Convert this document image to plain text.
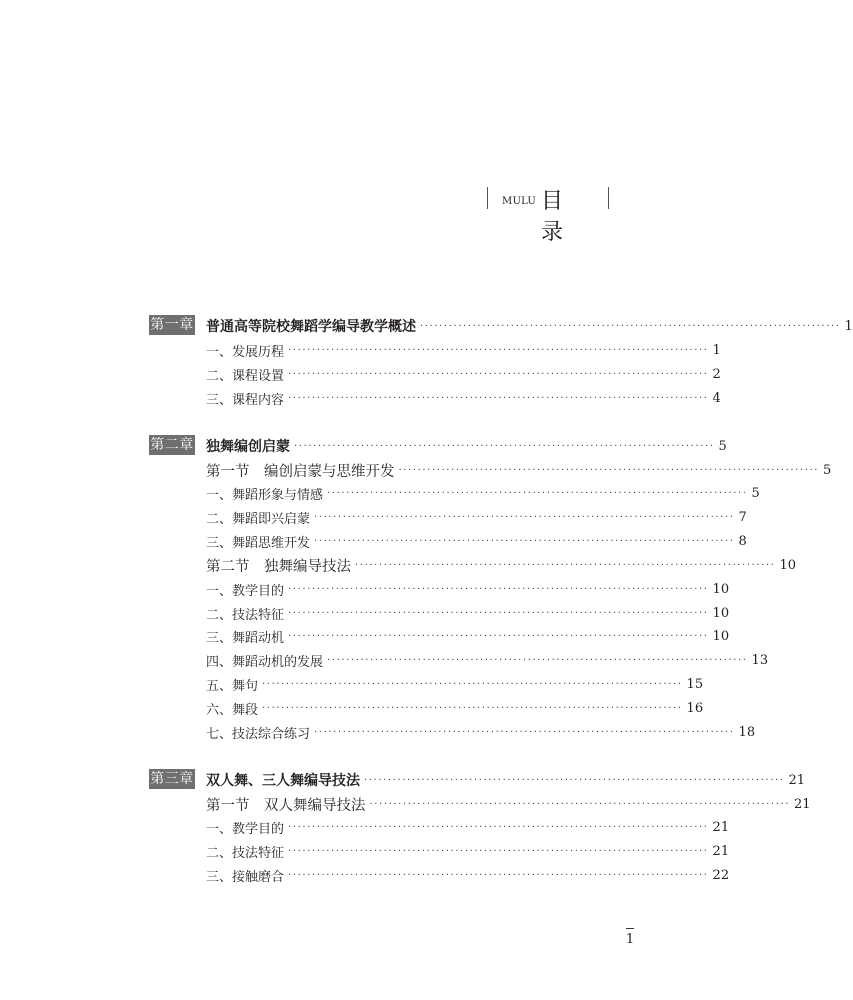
MULU 目录
第一章 普通高等院校舞蹈学编导教学概述 ························································································ 1
一、发展历程 ························································································ 1
二、课程设置 ························································································ 2
三、课程内容 ························································································ 4
第二章 独舞编创启蒙 ························································································ 5
第一节　编创启蒙与思维开发 ························································································ 5
一、舞蹈形象与情感 ························································································ 5
二、舞蹈即兴启蒙 ························································································ 7
三、舞蹈思维开发 ························································································ 8
第二节　独舞编导技法 ························································································ 10
一、教学目的 ························································································ 10
二、技法特征 ························································································ 10
三、舞蹈动机 ························································································ 10
四、舞蹈动机的发展 ························································································ 13
五、舞句 ························································································ 15
六、舞段 ························································································ 16
七、技法综合练习 ························································································ 18
第三章 双人舞、三人舞编导技法 ························································································ 21
第一节　双人舞编导技法 ························································································ 21
一、教学目的 ························································································ 21
二、技法特征 ························································································ 21
三、接触磨合 ························································································ 22
1
